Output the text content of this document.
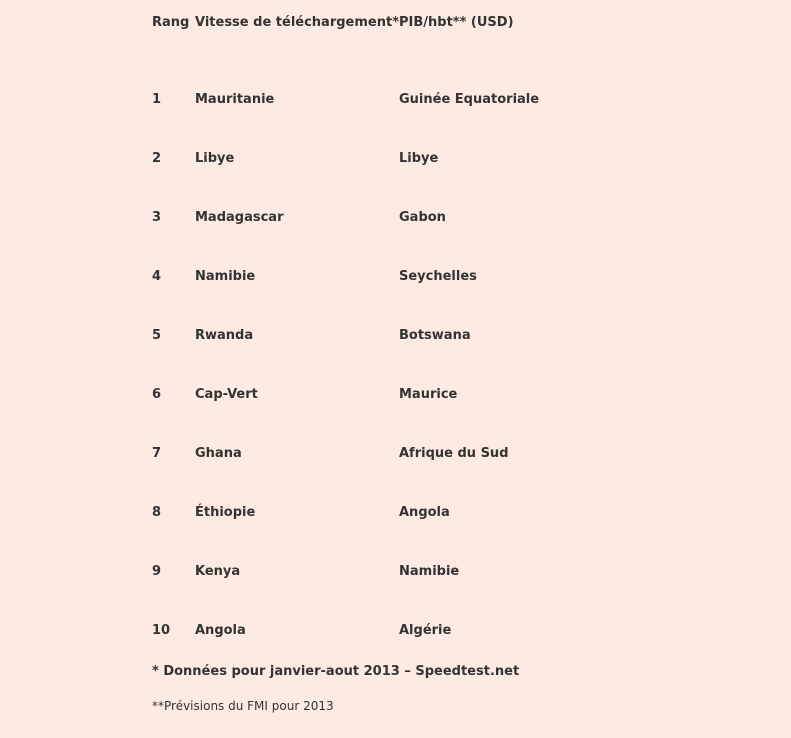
Rang	Vitesse de téléchargement*	PIB/hbt** (USD)

1	Mauritanie	Guinée Equatoriale
2	Libye	Libye
3	Madagascar	Gabon
4	Namibie	Seychelles
5	Rwanda	Botswana
6	Cap-Vert	Maurice
7	Ghana	Afrique du Sud
8	Éthiopie	Angola
9	Kenya	Namibie
10	Angola	Algérie

* Données pour janvier-aout 2013 – Speedtest.net

**Prévisions du FMI pour 2013
